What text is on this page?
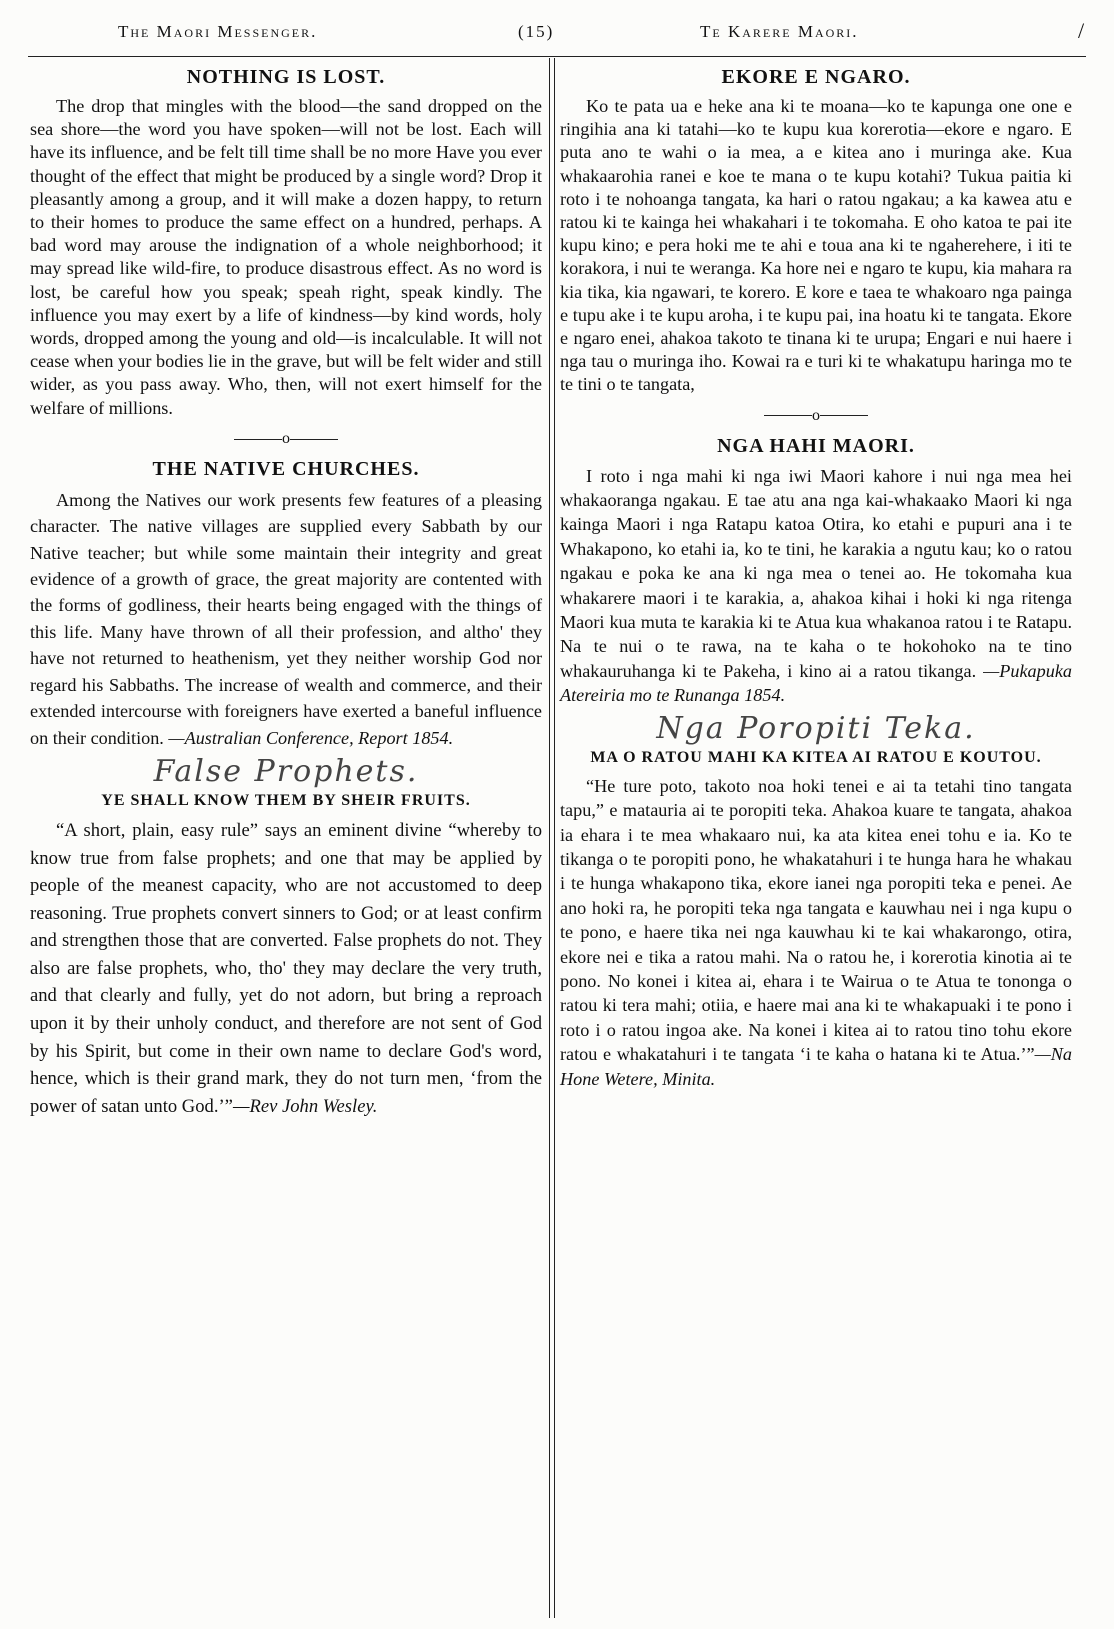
The Maori Messenger.	(15)	Te Karere Maori.	/
NOTHING IS LOST.

The drop that mingles with the blood—the sand dropped on the sea shore—the word you have spoken—will not be lost. Each will have its influence, and be felt till time shall be no more Have you ever thought of the effect that might be produced by a single word? Drop it pleasantly among a group, and it will make a dozen happy, to return to their homes to produce the same effect on a hundred, perhaps. A bad word may arouse the indignation of a whole neighborhood; it may spread like wild-fire, to produce disastrous effect. As no word is lost, be careful how you speak; speah right, speak kindly. The influence you may exert by a life of kindness—by kind words, holy words, dropped among the young and old—is incalculable. It will not cease when your bodies lie in the grave, but will be felt wider and still wider, as you pass away. Who, then, will not exert himself for the welfare of millions.

o
THE NATIVE CHURCHES.

Among the Natives our work presents few features of a pleasing character. The native villages are supplied every Sabbath by our Native teacher; but while some maintain their integrity and great evidence of a growth of grace, the great majority are contented with the forms of godliness, their hearts being engaged with the things of this life. Many have thrown of all their profession, and altho' they have not returned to heathenism, yet they neither worship God nor regard his Sabbaths. The increase of wealth and commerce, and their extended intercourse with foreigners have exerted a baneful influence on their condition. —Australian Conference, Report 1854.

False Prophets.
YE SHALL KNOW THEM BY SHEIR FRUITS.

“A short, plain, easy rule” says an eminent divine “whereby to know true from false prophets; and one that may be applied by people of the meanest capacity, who are not accustomed to deep reasoning. True prophets convert sinners to God; or at least confirm and strengthen those that are converted. False prophets do not. They also are false prophets, who, tho' they may declare the very truth, and that clearly and fully, yet do not adorn, but bring a reproach upon it by their unholy conduct, and therefore are not sent of God by his Spirit, but come in their own name to declare God's word, hence, which is their grand mark, they do not turn men, ‘from the power of satan unto God.’”—Rev John Wesley.

EKORE E NGARO.

Ko te pata ua e heke ana ki te moana—ko te kapunga one one e ringihia ana ki tatahi—ko te kupu kua korerotia—ekore e ngaro. E puta ano te wahi o ia mea, a e kitea ano i muringa ake. Kua whakaarohia ranei e koe te mana o te kupu kotahi? Tukua paitia ki roto i te nohoanga tangata, ka hari o ratou ngakau; a ka kawea atu e ratou ki te kainga hei whakahari i te tokomaha. E oho katoa te pai ite kupu kino; e pera hoki me te ahi e toua ana ki te ngaherehere, i iti te korakora, i nui te weranga. Ka hore nei e ngaro te kupu, kia mahara ra kia tika, kia ngawari, te korero. E kore e taea te whakoaro nga painga e tupu ake i te kupu aroha, i te kupu pai, ina hoatu ki te tangata. Ekore e ngaro enei, ahakoa takoto te tinana ki te urupa; Engari e nui haere i nga tau o muringa iho. Kowai ra e turi ki te whakatupu haringa mo te te tini o te tangata,

o
NGA HAHI MAORI.

I roto i nga mahi ki nga iwi Maori kahore i nui nga mea hei whakaoranga ngakau. E tae atu ana nga kai-whakaako Maori ki nga kainga Maori i nga Ratapu katoa Otira, ko etahi e pupuri ana i te Whakapono, ko etahi ia, ko te tini, he karakia a ngutu kau; ko o ratou ngakau e poka ke ana ki nga mea o tenei ao. He tokomaha kua whakarere maori i te karakia, a, ahakoa kihai i hoki ki nga ritenga Maori kua muta te karakia ki te Atua kua whakanoa ratou i te Ratapu. Na te nui o te rawa, na te kaha o te hokohoko na te tino whakauruhanga ki te Pakeha, i kino ai a ratou tikanga. —Pukapuka Atereiria mo te Runanga 1854.

Nga Poropiti Teka.
MA O RATOU MAHI KA KITEA AI RATOU E KOUTOU.

“He ture poto, takoto noa hoki tenei e ai ta tetahi tino tangata tapu,” e matauria ai te poropiti teka. Ahakoa kuare te tangata, ahakoa ia ehara i te mea whakaaro nui, ka ata kitea enei tohu e ia. Ko te tikanga o te poropiti pono, he whakatahuri i te hunga hara he whakau i te hunga whakapono tika, ekore ianei nga poropiti teka e penei. Ae ano hoki ra, he poropiti teka nga tangata e kauwhau nei i nga kupu o te pono, e haere tika nei nga kauwhau ki te kai whakarongo, otira, ekore nei e tika a ratou mahi. Na o ratou he, i korerotia kinotia ai te pono. No konei i kitea ai, ehara i te Wairua o te Atua te tononga o ratou ki tera mahi; otiia, e haere mai ana ki te whakapuaki i te pono i roto i o ratou ingoa ake. Na konei i kitea ai to ratou tino tohu ekore ratou e whakatahuri i te tangata ‘i te kaha o hatana ki te Atua.’”—Na Hone Wetere, Minita.
